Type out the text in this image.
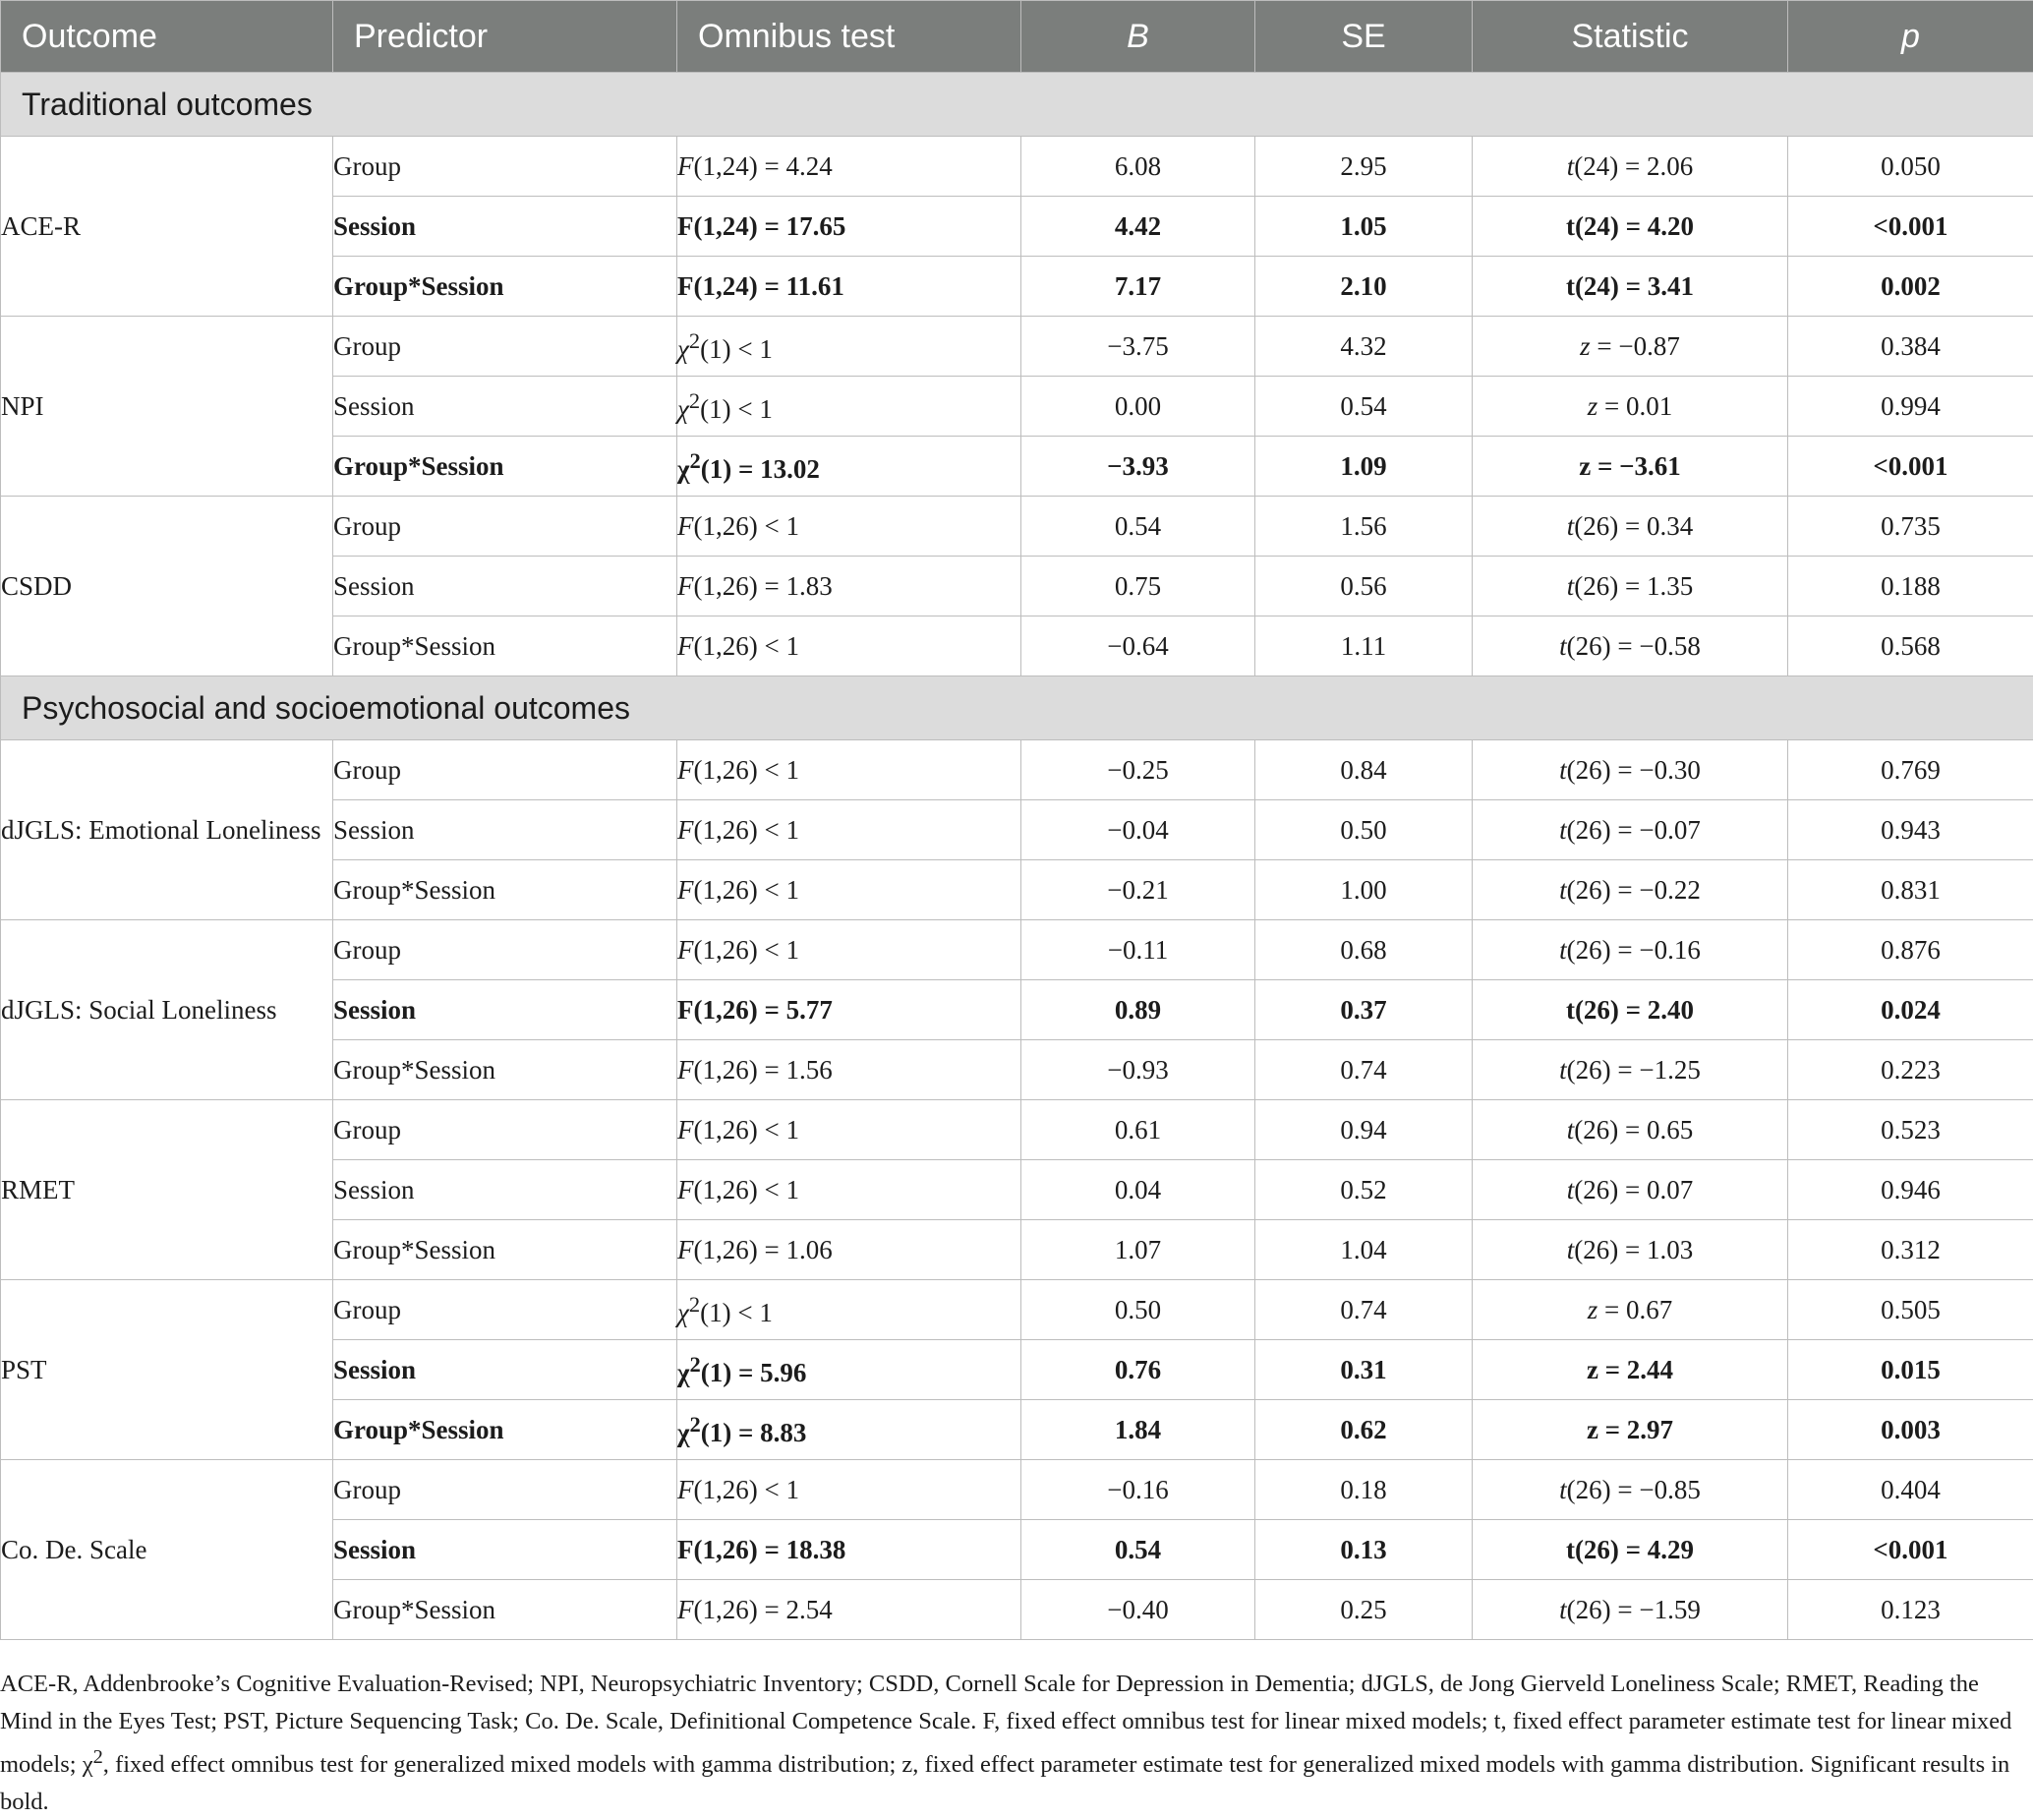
Outcome	Predictor	Omnibus test	B	SE	Statistic	p
Traditional outcomes						
ACE-R	Group	F(1,24) = 4.24	6.08	2.95	t(24) = 2.06	0.050
	Session	F(1,24) = 17.65	4.42	1.05	t(24) = 4.20	<0.001
	Group*Session	F(1,24) = 11.61	7.17	2.10	t(24) = 3.41	0.002
NPI	Group	$\chi^2(1) < 1$	−3.75	4.32	z = −0.87	0.384
	Session	$\chi^2(1) < 1$	0.00	0.54	z = 0.01	0.994
	Group*Session	$\chi^2(1) = 13.02$	−3.93	1.09	z = −3.61	<0.001
CSDD	Group	F(1,26) < 1	0.54	1.56	t(26) = 0.34	0.735
	Session	F(1,26) = 1.83	0.75	0.56	t(26) = 1.35	0.188
	Group*Session	F(1,26) < 1	−0.64	1.11	t(26) = −0.58	0.568
Psychosocial and socioemotional outcomes						
dJGLS: Emotional Loneliness	Group	F(1,26) < 1	−0.25	0.84	t(26) = −0.30	0.769
	Session	F(1,26) < 1	−0.04	0.50	t(26) = −0.07	0.943
	Group*Session	F(1,26) < 1	−0.21	1.00	t(26) = −0.22	0.831
dJGLS: Social Loneliness	Group	F(1,26) < 1	−0.11	0.68	t(26) = −0.16	0.876
	Session	F(1,26) = 5.77	0.89	0.37	t(26) = 2.40	0.024
	Group*Session	F(1,26) = 1.56	−0.93	0.74	t(26) = −1.25	0.223
RMET	Group	F(1,26) < 1	0.61	0.94	t(26) = 0.65	0.523
	Session	F(1,26) < 1	0.04	0.52	t(26) = 0.07	0.946
	Group*Session	F(1,26) = 1.06	1.07	1.04	t(26) = 1.03	0.312
PST	Group	$\chi^2(1) < 1$	0.50	0.74	z = 0.67	0.505
	Session	$\chi^2(1) = 5.96$	0.76	0.31	z = 2.44	0.015
	Group*Session	$\chi^2(1) = 8.83$	1.84	0.62	z = 2.97	0.003
Co. De. Scale	Group	F(1,26) < 1	−0.16	0.18	t(26) = −0.85	0.404
	Session	F(1,26) = 18.38	0.54	0.13	t(26) = 4.29	<0.001
	Group*Session	F(1,26) = 2.54	−0.40	0.25	t(26) = −1.59	0.123
ACE-R, Addenbrooke’s Cognitive Evaluation-Revised; NPI, Neuropsychiatric Inventory; CSDD, Cornell Scale for Depression in Dementia; dJGLS, de Jong Gierveld Loneliness Scale; RMET, Reading the Mind in the Eyes Test; PST, Picture Sequencing Task; Co. De. Scale, Definitional Competence Scale. F, fixed effect omnibus test for linear mixed models; t, fixed effect parameter estimate test for linear mixed models; $\chi^2$, fixed effect omnibus test for generalized mixed models with gamma distribution; z, fixed effect parameter estimate test for generalized mixed models with gamma distribution. Significant results in bold.
